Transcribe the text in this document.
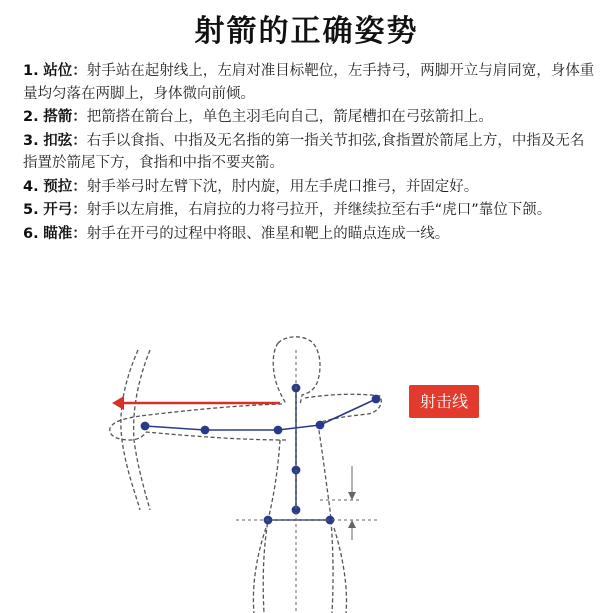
射箭的正确姿势
1. 站位：射手站在起射线上，左肩对准目标靶位，左手持弓，两脚开立与肩同宽，身体重量均匀落在两脚上，身体微向前倾。
2. 搭箭：把箭搭在箭台上，单色主羽毛向自己，箭尾槽扣在弓弦箭扣上。
3. 扣弦：右手以食指、中指及无名指的第一指关节扣弦,食指置於箭尾上方，中指及无名指置於箭尾下方，食指和中指不要夹箭。
4. 预拉：射手举弓时左臂下沈，肘内旋，用左手虎口推弓，并固定好。
5. 开弓：射手以左肩推，右肩拉的力将弓拉开，并继续拉至右手“虎口”靠位下颌。
6. 瞄准：射手在开弓的过程中将眼、准星和靶上的瞄点连成一线。
射击线
